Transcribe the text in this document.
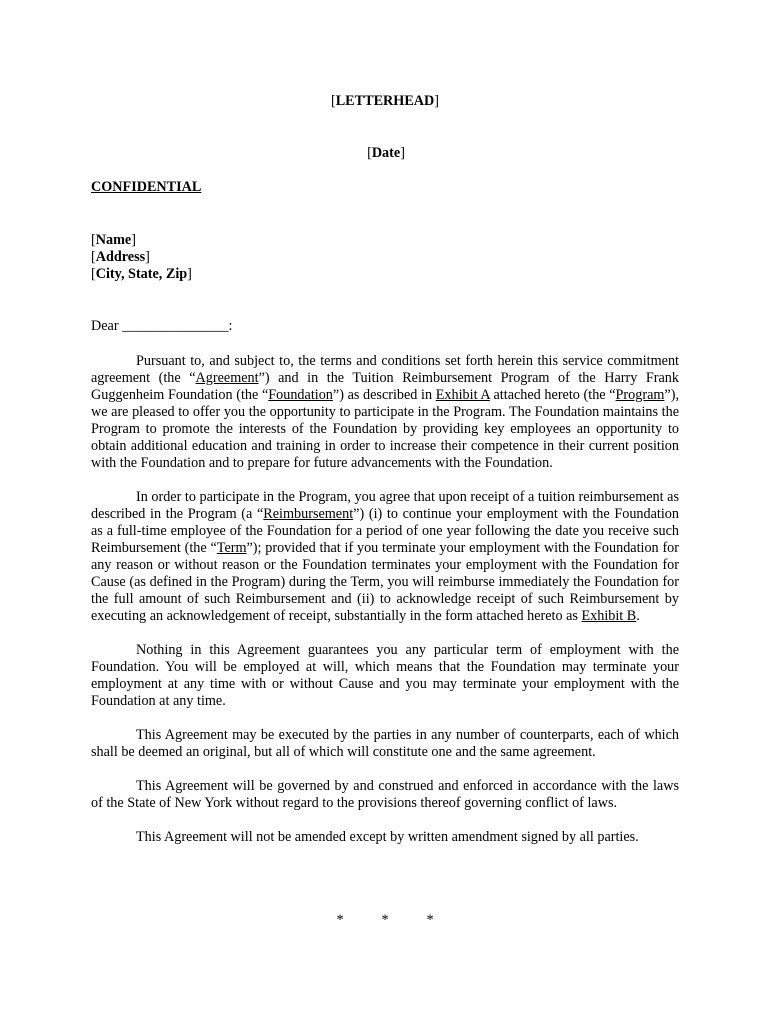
[LETTERHEAD]
[Date]
CONFIDENTIAL
[Name]
[Address]
[City, State, Zip]
Dear _______________:

Pursuant to, and subject to, the terms and conditions set forth herein this service commitment agreement (the “Agreement”) and in the Tuition Reimbursement Program of the Harry Frank Guggenheim Foundation (the “Foundation”) as described in Exhibit A attached hereto (the “Program”), we are pleased to offer you the opportunity to participate in the Program. The Foundation maintains the Program to promote the interests of the Foundation by providing key employees an opportunity to obtain additional education and training in order to increase their competence in their current position with the Foundation and to prepare for future advancements with the Foundation.

In order to participate in the Program, you agree that upon receipt of a tuition reimbursement as described in the Program (a “Reimbursement”) (i) to continue your employment with the Foundation as a full-time employee of the Foundation for a period of one year following the date you receive such Reimbursement (the “Term”); provided that if you terminate your employment with the Foundation for any reason or without reason or the Foundation terminates your employment with the Foundation for Cause (as defined in the Program) during the Term, you will reimburse immediately the Foundation for the full amount of such Reimbursement and (ii) to acknowledge receipt of such Reimbursement by executing an acknowledgement of receipt, substantially in the form attached hereto as Exhibit B.

Nothing in this Agreement guarantees you any particular term of employment with the Foundation. You will be employed at will, which means that the Foundation may terminate your employment at any time with or without Cause and you may terminate your employment with the Foundation at any time.

This Agreement may be executed by the parties in any number of counterparts, each of which shall be deemed an original, but all of which will constitute one and the same agreement.

This Agreement will be governed by and construed and enforced in accordance with the laws of the State of New York without regard to the provisions thereof governing conflict of laws.

This Agreement will not be amended except by written amendment signed by all parties.

*	*	*
